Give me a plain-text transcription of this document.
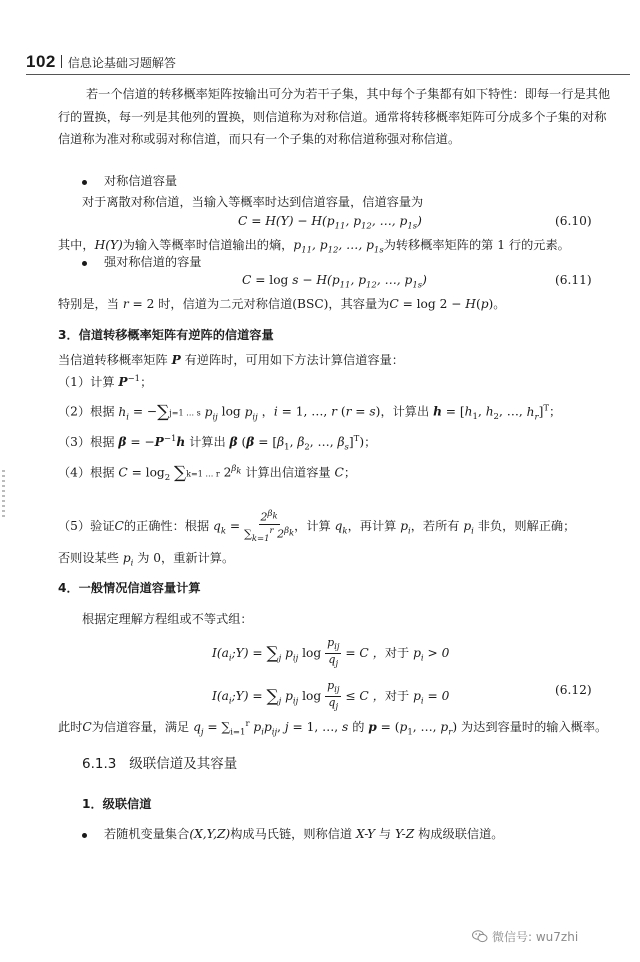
102 信息论基础习题解答
若一个信道的转移概率矩阵按输出可分为若干子集，其中每个子集都有如下特性：即每一行是其他行的置换，每一列是其他列的置换，则信道称为对称信道。通常将转移概率矩阵可分成多个子集的对称信道称为准对称或弱对称信道，而只有一个子集的对称信道称强对称信道。
对称信道容量
对于离散对称信道，当输入等概率时达到信道容量，信道容量为
$C = H(Y) - H(p_{11}$, $p_{12}$, …, $p_{1s}$)	(6.10)
其中，H(Y)为输入等概率时信道输出的熵，$p_{11}$, $p_{12}$, …, $p_{1s}$为转移概率矩阵的第 1 行的元素。
强对称信道的容量
$C = \log s - H(p_{11}$, $p_{12}$, …, $p_{1s}$)	(6.11)
特别是，当 r = 2 时，信道为二元对称信道(BSC)，其容量为C = log 2 − H(p)。
3．信道转移概率矩阵有逆阵的信道容量
当信道转移概率矩阵 P 有逆阵时，可用如下方法计算信道容量：
（1）计算 $P^{-1}$；
（2）根据 $h_i = -\sum j=1$ … s $p_{ij}$ $\log p_{ij}$ ，i = 1, …, r (r = s)，计算出 $h = [h_1$, $h_2$, …, $h_r]^T$；
（3）根据 $\beta = -P^{-1}h$ 计算出 β ($\beta = [\beta_1$, $\beta_2$, …, $\beta_s]^T$)；
（4）根据 $C = \log_2 \sum k=1$ … r $2^{\beta_k}$ 计算出信道容量 C；
（5）验证C的正确性：根据 $q_k = \frac{2^{\beta_k}}{\sum_{k=1}^r 2^{\beta_k}}$ ，计算 $q_k$，再计算 $p_i$，若所有 $p_i$ 非负，则解正确；
否则设某些 $p_i$ 为 0，重新计算。
4．一般情况信道容量计算
根据定理解方程组或不等式组：
$I(a_i;Y) = \sum_j$ $p_{ij}$ $\log \frac{p_{ij}}{q_j} = C$ ，对于 $p_i > 0$
$I(a_i;Y) = \sum_j$ $p_{ij}$ $\log \frac{p_{ij}}{q_j} \le C$ ，对于 $p_i = 0$	(6.12)
此时C为信道容量，满足 $q_j = \sum_{i=1}^r$ $p_ip_{ij}$, j = 1, …, s 的 $p = (p_1$, …, $p_r$) 为达到容量时的输入概率。
6.1.3 级联信道及其容量
1．级联信道
若随机变量集合(X,Y,Z)构成马氏链，则称信道 X-Y 与 Y-Z 构成级联信道。
微信号: wu7zhi
